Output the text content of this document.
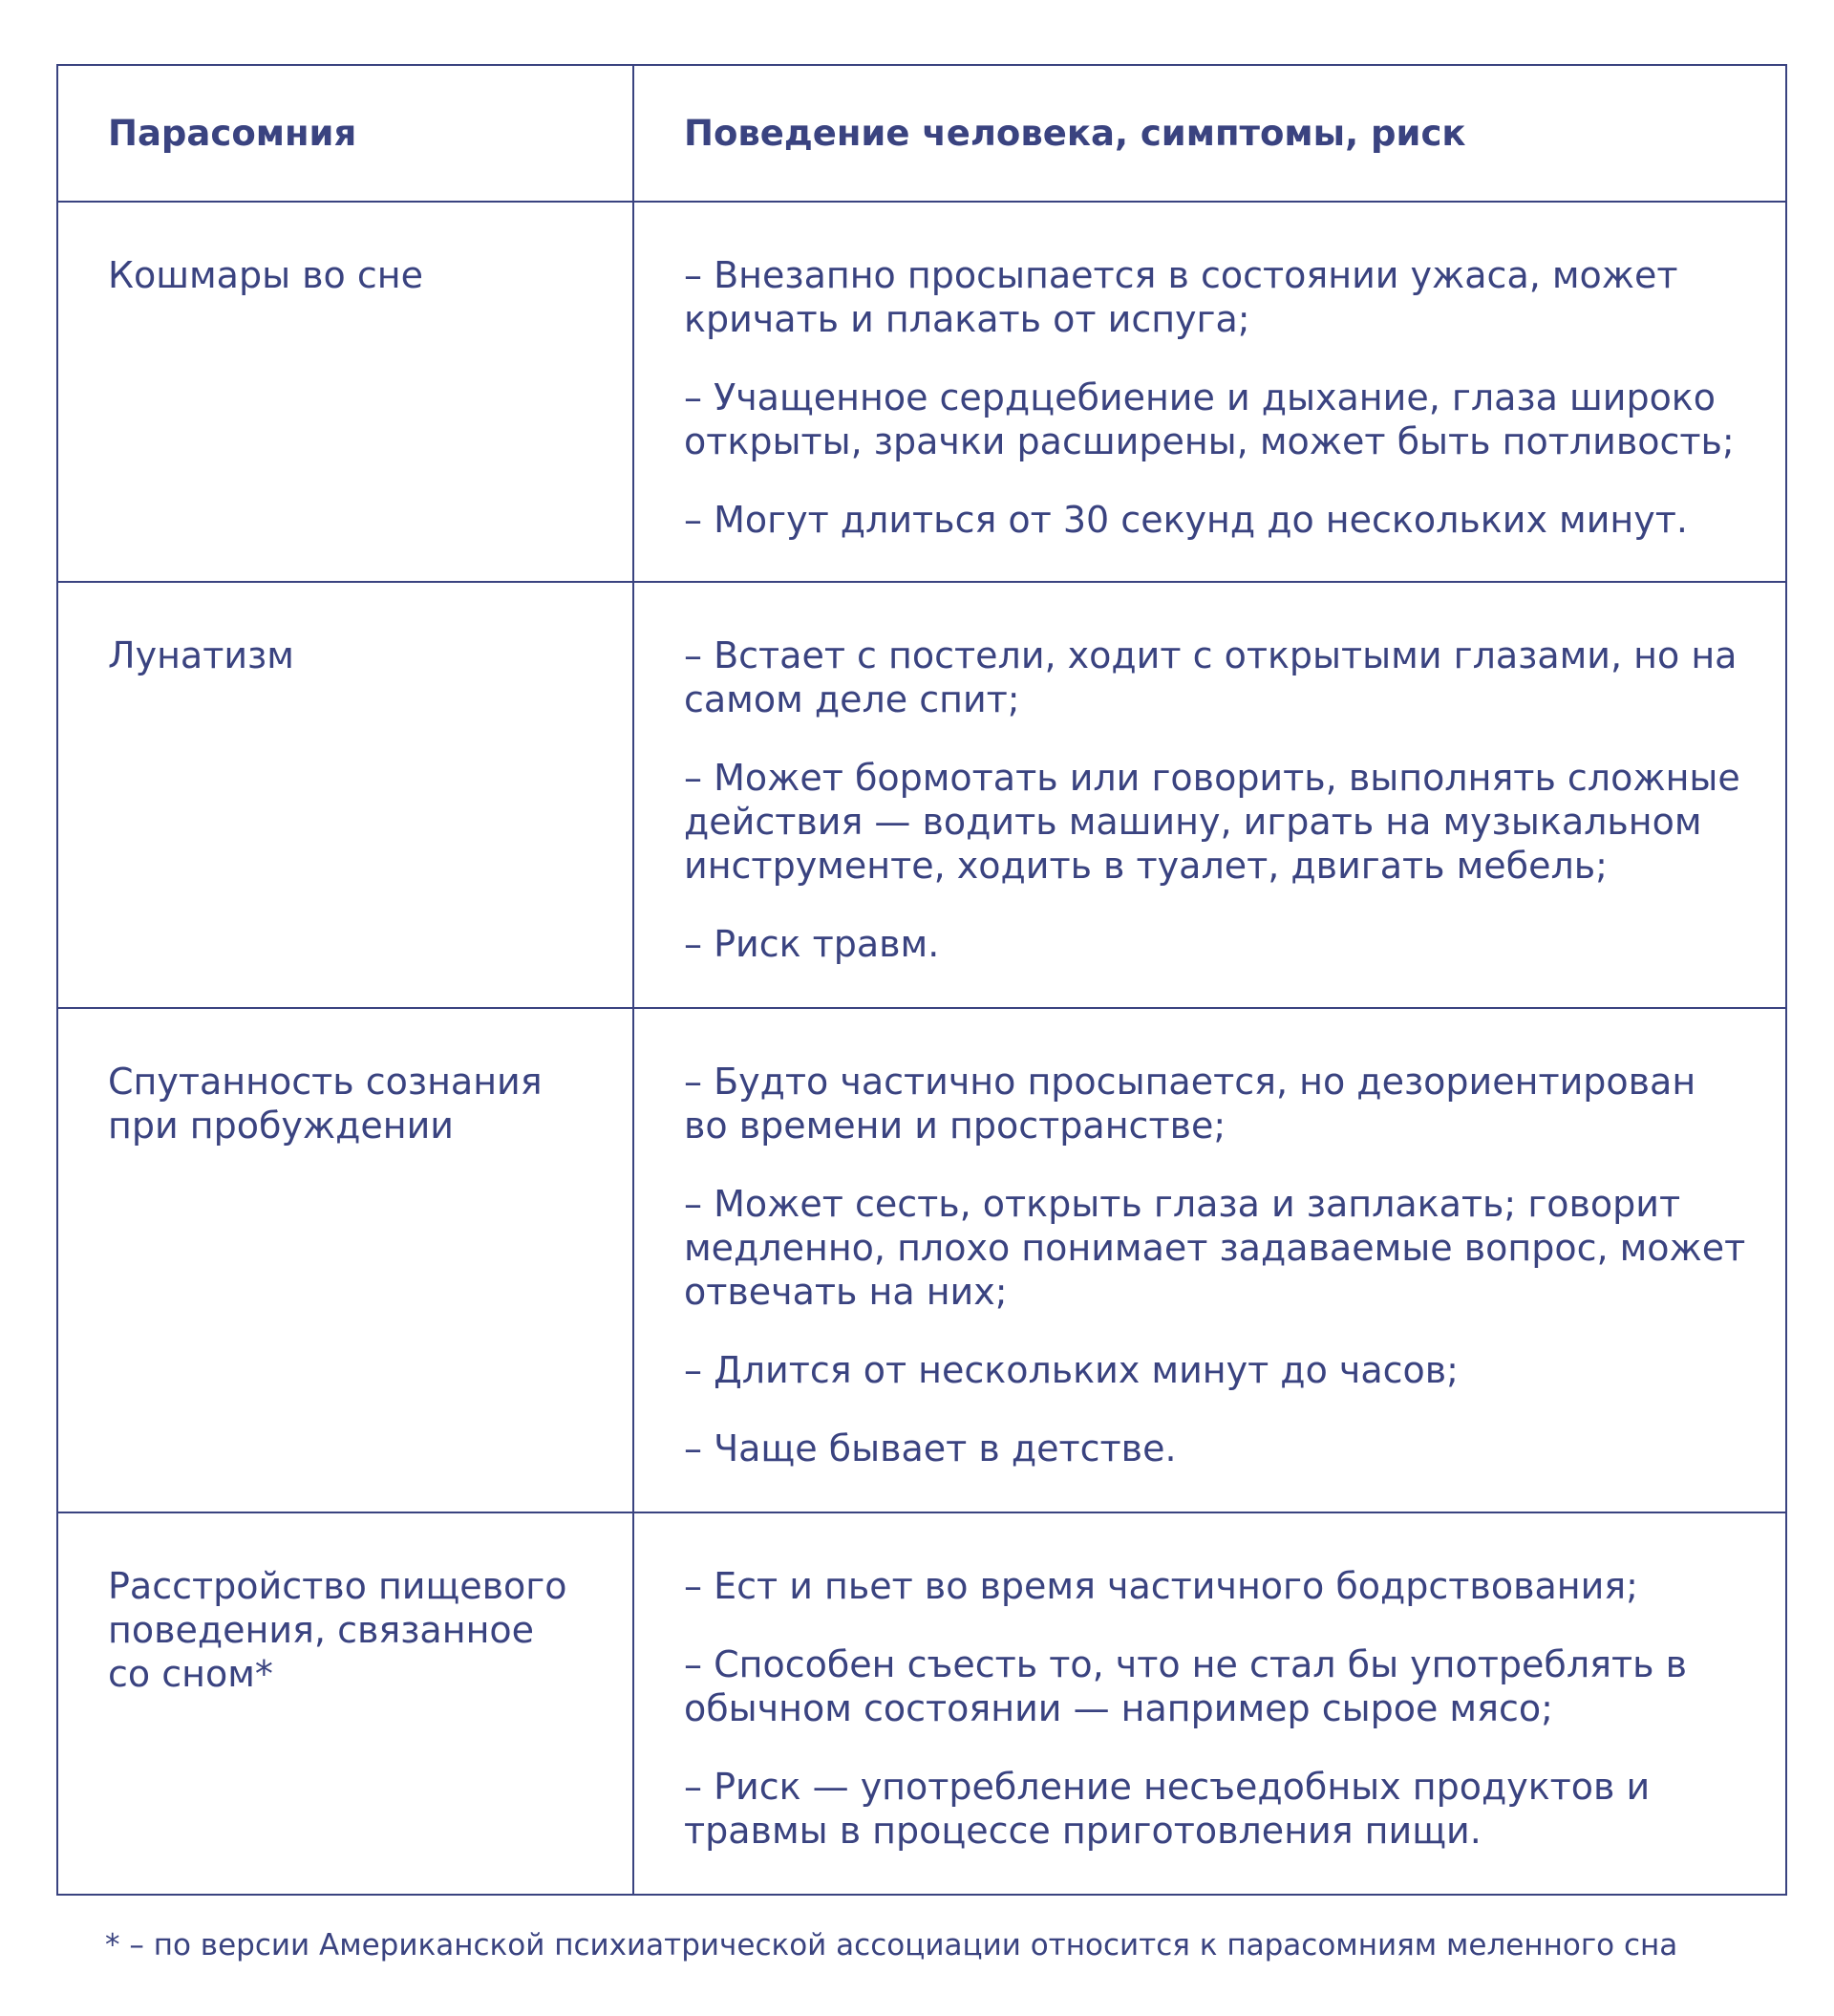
Парасомния	Поведение человека, симптомы, риск
Кошмары во сне	– Внезапно просыпается в состоянии ужаса, может кричать и плакать от испуга;

– Учащенное сердцебиение и дыхание, глаза широко открыты, зрачки расширены, может быть потливость;

– Могут длиться от 30 секунд до нескольких минут.

Лунатизм	– Встает с постели, ходит с открытыми глазами, но на самом деле спит;

– Может бормотать или говорить, выполнять сложные действия — водить машину, играть на музыкальном инструменте, ходить в туалет, двигать мебель;

– Риск травм.

Спутанность сознания при пробуждении	– Будто частично просыпается, но дезориентирован во времени и пространстве;

– Может сесть, открыть глаза и заплакать; говорит медленно, плохо понимает задаваемые вопрос, может отвечать на них;

– Длится от нескольких минут до часов;

– Чаще бывает в детстве.

Расстройство пищевого поведения, связанное со сном*	– Ест и пьет во время частичного бодрствования;

– Способен съесть то, что не стал бы употреблять в обычном состоянии — например сырое мясо;

– Риск — употребление несъедобных продуктов и травмы в процессе приготовления пищи.

* – по версии Американской психиатрической ассоциации относится к парасомниям меленного сна
